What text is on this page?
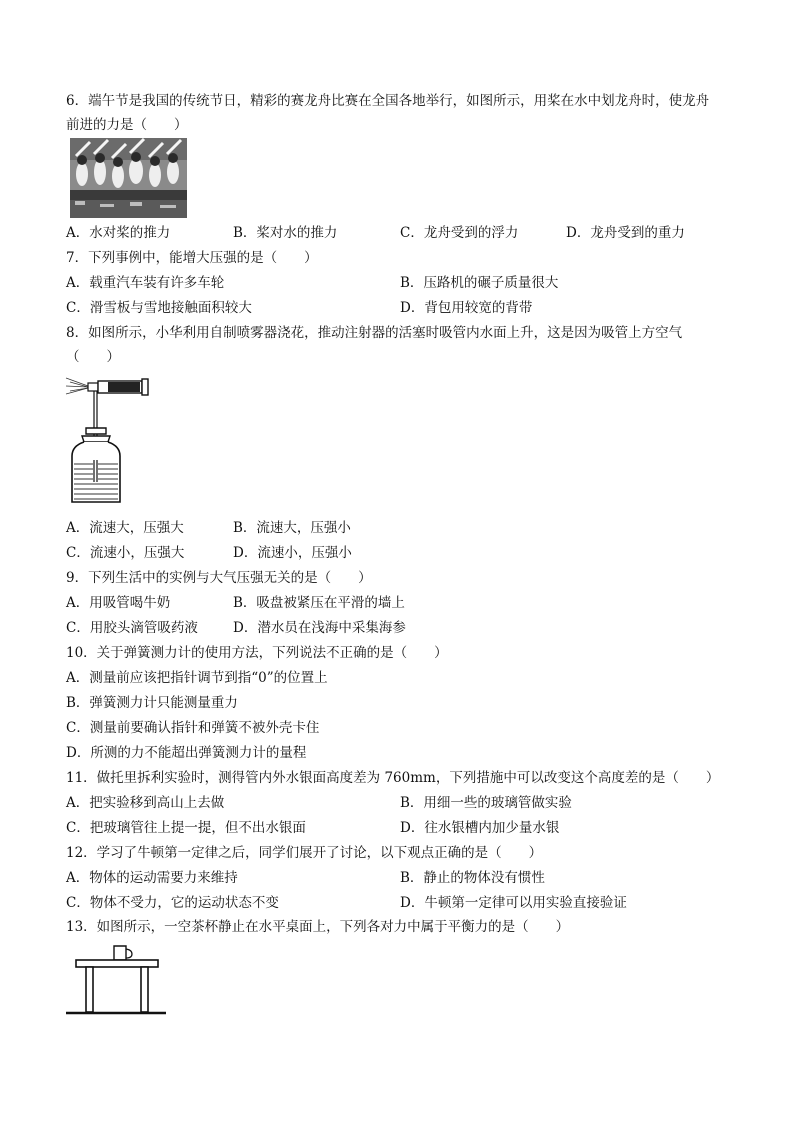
6．端午节是我国的传统节日，精彩的赛龙舟比赛在全国各地举行，如图所示，用桨在水中划龙舟时，使龙舟
前进的力是（　　）
A．水对桨的推力	B．桨对水的推力	C．龙舟受到的浮力	D．龙舟受到的重力
7．下列事例中，能增大压强的是（　　）
A．载重汽车装有许多车轮	B．压路机的碾子质量很大
C．滑雪板与雪地接触面积较大	D．背包用较宽的背带
8．如图所示，小华利用自制喷雾器浇花，推动注射器的活塞时吸管内水面上升，这是因为吸管上方空气
（　　）
A．流速大，压强大	B．流速大，压强小
C．流速小，压强大	D．流速小，压强小
9．下列生活中的实例与大气压强无关的是（　　）
A．用吸管喝牛奶	B．吸盘被紧压在平滑的墙上
C．用胶头滴管吸药液	D．潜水员在浅海中采集海参
10．关于弹簧测力计的使用方法，下列说法不正确的是（　　）
A．测量前应该把指针调节到指“0”的位置上
B．弹簧测力计只能测量重力
C．测量前要确认指针和弹簧不被外壳卡住
D．所测的力不能超出弹簧测力计的量程
11．做托里拆利实验时，测得管内外水银面高度差为 760mm，下列措施中可以改变这个高度差的是（　　）
A．把实验移到高山上去做	B．用细一些的玻璃管做实验
C．把玻璃管往上提一提，但不出水银面	D．往水银槽内加少量水银
12．学习了牛顿第一定律之后，同学们展开了讨论，以下观点正确的是（　　）
A．物体的运动需要力来维持	B．静止的物体没有惯性
C．物体不受力，它的运动状态不变	D．牛顿第一定律可以用实验直接验证
13．如图所示，一空茶杯静止在水平桌面上，下列各对力中属于平衡力的是（　　）
